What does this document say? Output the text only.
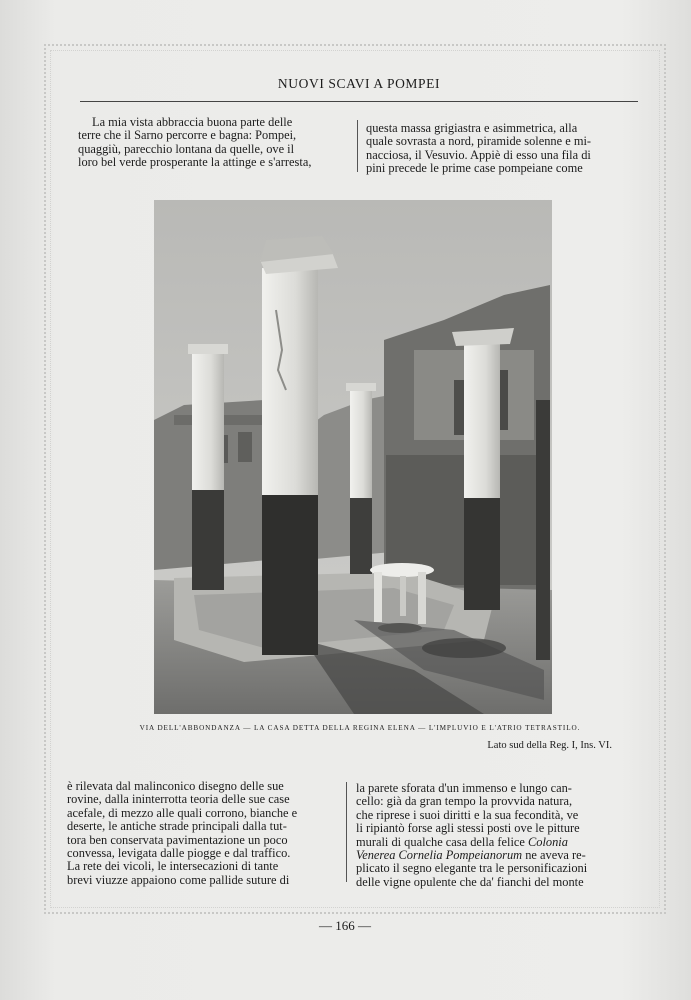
NUOVI SCAVI A POMPEI

La mia vista abbraccia buona parte delle

terre che il Sarno percorre e bagna: Pompei,

quaggiù, parecchio lontana da quelle, ove il

loro bel verde prosperante la attinge e s'arresta,

questa massa grigiastra e asimmetrica, alla

quale sovrasta a nord, piramide solenne e mi-

nacciosa, il Vesuvio. Appiè di esso una fila di

pini precede le prime case pompeiane come

VIA DELL'ABBONDANZA — LA CASA DETTA DELLA REGINA ELENA — L'IMPLUVIO E L'ATRIO TETRASTILO.
Lato sud della Reg. I, Ins. VI.

è rilevata dal malinconico disegno delle sue

rovine, dalla ininterrotta teoria delle sue case

acefale, di mezzo alle quali corrono, bianche e

deserte, le antiche strade principali dalla tut-

tora ben conservata pavimentazione un poco

convessa, levigata dalle piogge e dal traffico.

La rete dei vicoli, le intersecazioni di tante

brevi viuzze appaiono come pallide suture di

la parete sforata d'un immenso e lungo can-

cello: già da gran tempo la provvida natura,

che riprese i suoi diritti e la sua fecondità, ve

li ripiantò forse agli stessi posti ove le pitture

murali di qualche casa della felice Colonia

Venerea Cornelia Pompeianorum ne aveva re-

plicato il segno elegante tra le personificazioni

delle vigne opulente che da' fianchi del monte

— 166 —
